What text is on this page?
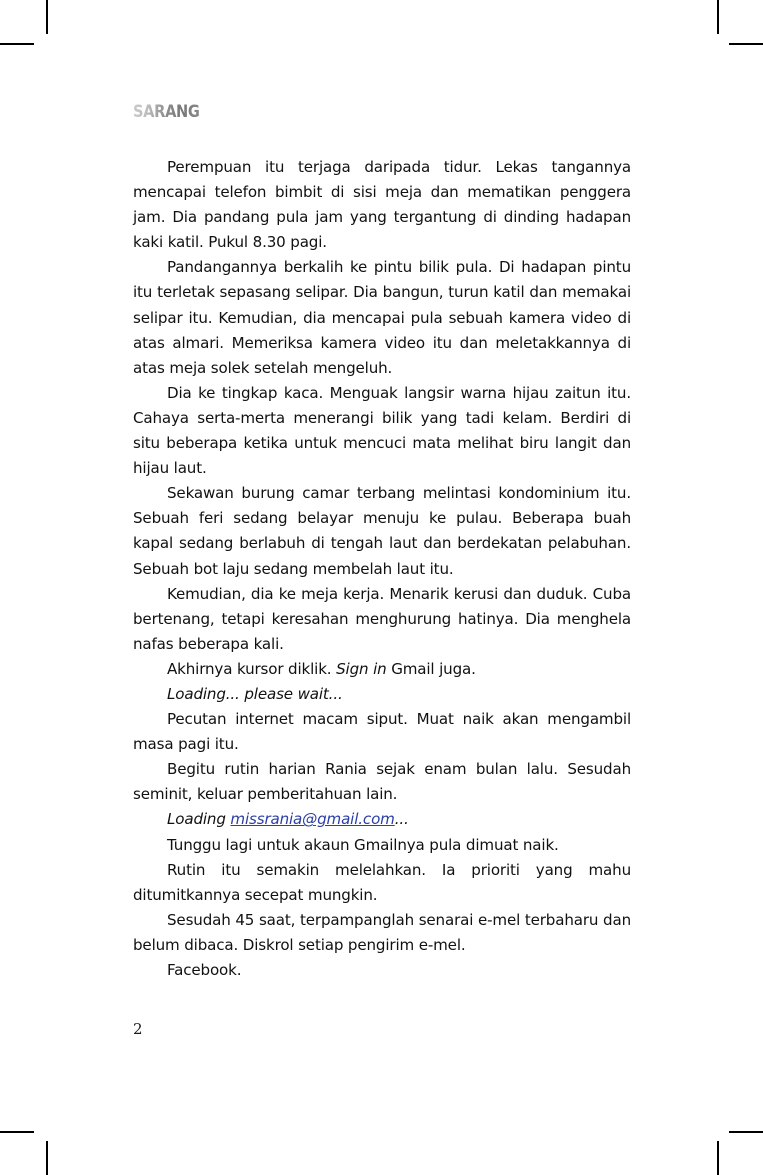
SARANG

Perempuan itu terjaga daripada tidur. Lekas tangannya mencapai telefon bimbit di sisi meja dan mematikan penggera jam. Dia pandang pula jam yang tergantung di dinding hadapan kaki katil. Pukul 8.30 pagi.

Pandangannya berkalih ke pintu bilik pula. Di hadapan pintu itu terletak sepasang selipar. Dia bangun, turun katil dan memakai selipar itu. Kemudian, dia mencapai pula sebuah kamera video di atas almari. Memeriksa kamera video itu dan meletakkannya di atas meja solek setelah mengeluh.

Dia ke tingkap kaca. Menguak langsir warna hijau zaitun itu. Cahaya serta-merta menerangi bilik yang tadi kelam. Berdiri di situ beberapa ketika untuk mencuci mata melihat biru langit dan hijau laut.

Sekawan burung camar terbang melintasi kondominium itu. Sebuah feri sedang belayar menuju ke pulau. Beberapa buah kapal sedang berlabuh di tengah laut dan berdekatan pelabuhan. Sebuah bot laju sedang membelah laut itu.

Kemudian, dia ke meja kerja. Menarik kerusi dan duduk. Cuba bertenang, tetapi keresahan menghurung hatinya. Dia menghela nafas beberapa kali.

Akhirnya kursor diklik. Sign in Gmail juga.

Loading... please wait...

Pecutan internet macam siput. Muat naik akan mengambil masa pagi itu.

Begitu rutin harian Rania sejak enam bulan lalu. Sesudah seminit, keluar pemberitahuan lain.

Loading missrania@gmail.com...

Tunggu lagi untuk akaun Gmailnya pula dimuat naik.

Rutin itu semakin melelahkan. Ia prioriti yang mahu ditumitkannya secepat mungkin.

Sesudah 45 saat, terpampanglah senarai e-mel terbaharu dan belum dibaca. Diskrol setiap pengirim e-mel.

Facebook.

2
